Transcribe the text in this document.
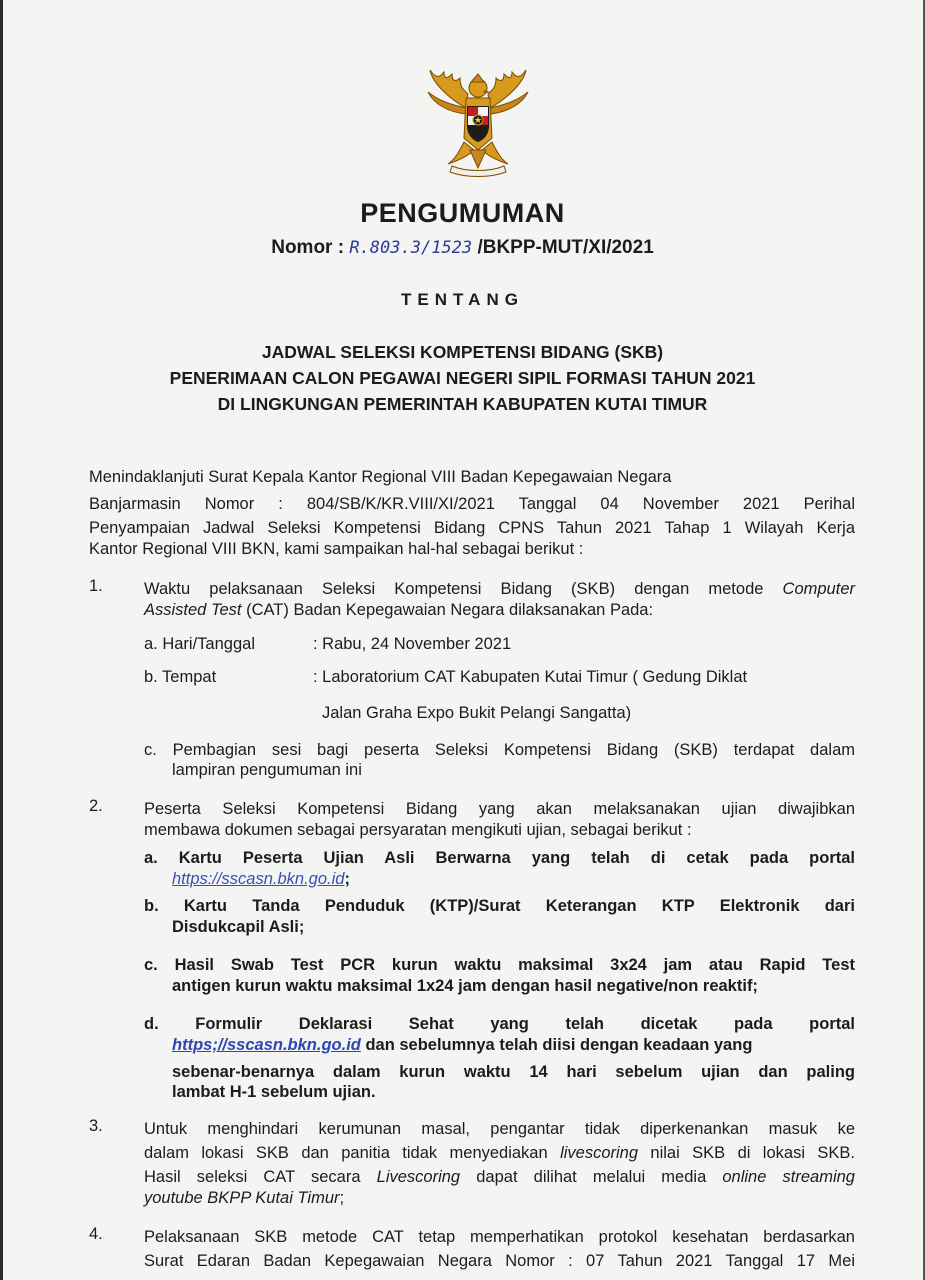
PENGUMUMAN
Nomor : R.803.3/1523 /BKPP-MUT/XI/2021
TENTANG
JADWAL SELEKSI KOMPETENSI BIDANG (SKB)
PENERIMAAN CALON PEGAWAI NEGERI SIPIL FORMASI TAHUN 2021
DI LINGKUNGAN PEMERINTAH KABUPATEN KUTAI TIMUR
Menindaklanjuti Surat Kepala Kantor Regional VIII Badan Kepegawaian Negara
Banjarmasin Nomor : 804/SB/K/KR.VIII/XI/2021 Tanggal 04 November 2021 Perihal
Penyampaian Jadwal Seleksi Kompetensi Bidang CPNS Tahun 2021 Tahap 1 Wilayah Kerja
Kantor Regional VIII BKN, kami sampaikan hal-hal sebagai berikut :
1. Waktu pelaksanaan Seleksi Kompetensi Bidang (SKB) dengan metode Computer
Assisted Test (CAT) Badan Kepegawaian Negara dilaksanakan Pada:
a. Hari/Tanggal	: Rabu, 24 November 2021
b. Tempat	: Laboratorium CAT Kabupaten Kutai Timur ( Gedung Diklat
Jalan Graha Expo Bukit Pelangi Sangatta)
c. Pembagian sesi bagi peserta Seleksi Kompetensi Bidang (SKB) terdapat dalam
lampiran pengumuman ini
2. Peserta Seleksi Kompetensi Bidang yang akan melaksanakan ujian diwajibkan
membawa dokumen sebagai persyaratan mengikuti ujian, sebagai berikut :
a. Kartu Peserta Ujian Asli Berwarna yang telah di cetak pada portal
https://sscasn.bkn.go.id;
b. Kartu Tanda Penduduk (KTP)/Surat Keterangan KTP Elektronik dari
Disdukcapil Asli;
c. Hasil Swab Test PCR kurun waktu maksimal 3x24 jam atau Rapid Test
antigen kurun waktu maksimal 1x24 jam dengan hasil negative/non reaktif;
d. Formulir Deklarasi Sehat yang telah dicetak pada portal
https;//sscasn.bkn.go.id dan sebelumnya telah diisi dengan keadaan yang
sebenar-benarnya dalam kurun waktu 14 hari sebelum ujian dan paling
lambat H-1 sebelum ujian.
3. Untuk menghindari kerumunan masal, pengantar tidak diperkenankan masuk ke
dalam lokasi SKB dan panitia tidak menyediakan livescoring nilai SKB di lokasi SKB.
Hasil seleksi CAT secara Livescoring dapat dilihat melalui media online streaming
youtube BKPP Kutai Timur;
4. Pelaksanaan SKB metode CAT tetap memperhatikan protokol kesehatan berdasarkan
Surat Edaran Badan Kepegawaian Negara Nomor : 07 Tahun 2021 Tanggal 17 Mei
